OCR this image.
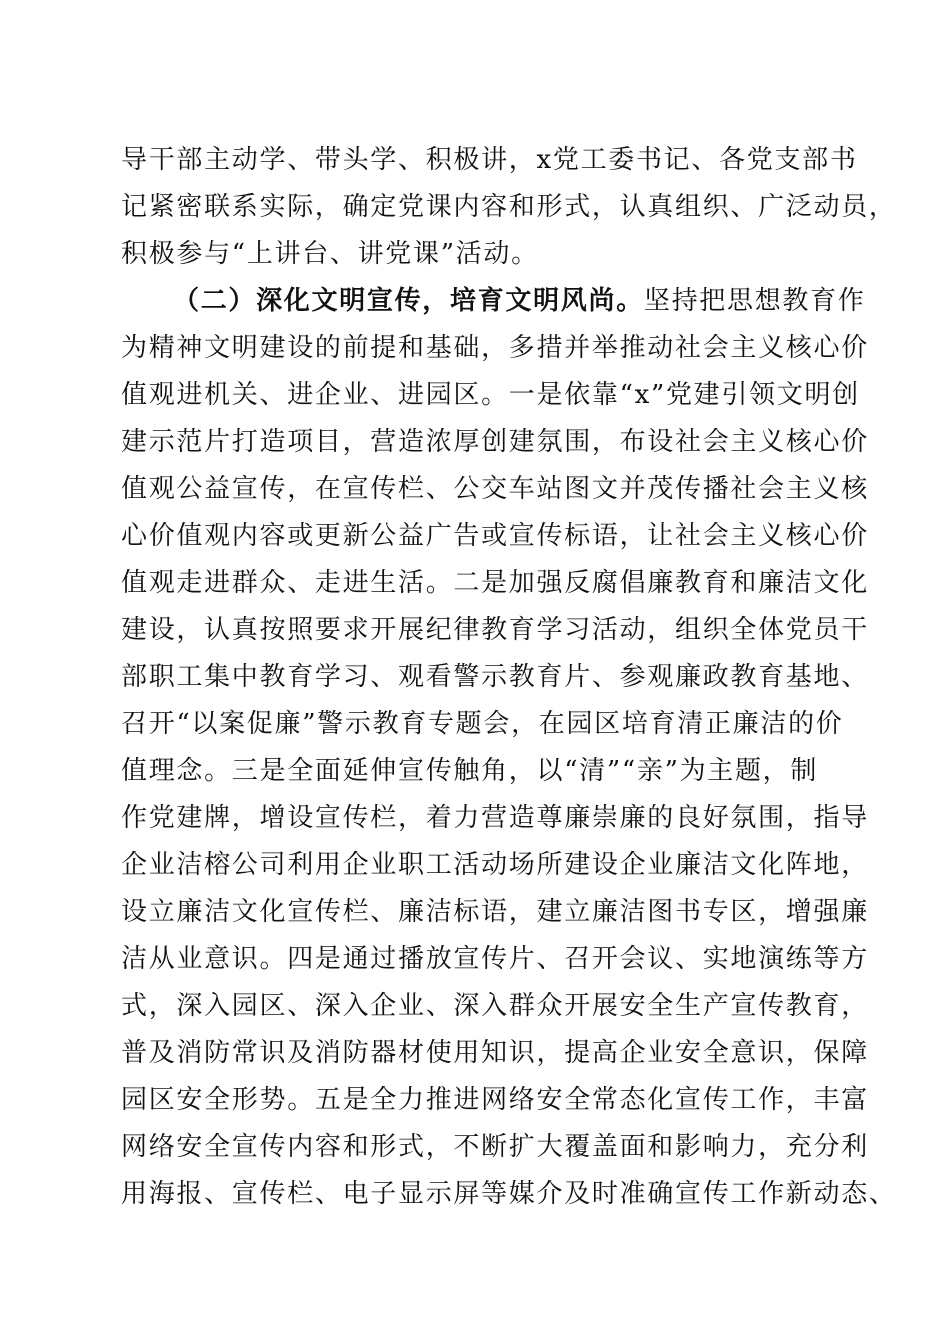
导干部主动学、带头学、积极讲，x党工委书记、各党支部书
记紧密联系实际，确定党课内容和形式，认真组织、广泛动员，
积极参与“上讲台、讲党课”活动。
（二）深化文明宣传，培育文明风尚。坚持把思想教育作
为精神文明建设的前提和基础，多措并举推动社会主义核心价
值观进机关、进企业、进园区。一是依靠“x”党建引领文明创
建示范片打造项目，营造浓厚创建氛围，布设社会主义核心价
值观公益宣传，在宣传栏、公交车站图文并茂传播社会主义核
心价值观内容或更新公益广告或宣传标语，让社会主义核心价
值观走进群众、走进生活。二是加强反腐倡廉教育和廉洁文化
建设，认真按照要求开展纪律教育学习活动，组织全体党员干
部职工集中教育学习、观看警示教育片、参观廉政教育基地、
召开“以案促廉”警示教育专题会，在园区培育清正廉洁的价
值理念。三是全面延伸宣传触角，以“清”“亲”为主题，制
作党建牌，增设宣传栏，着力营造尊廉崇廉的良好氛围，指导
企业洁榕公司利用企业职工活动场所建设企业廉洁文化阵地，
设立廉洁文化宣传栏、廉洁标语，建立廉洁图书专区，增强廉
洁从业意识。四是通过播放宣传片、召开会议、实地演练等方
式，深入园区、深入企业、深入群众开展安全生产宣传教育，
普及消防常识及消防器材使用知识，提高企业安全意识，保障
园区安全形势。五是全力推进网络安全常态化宣传工作，丰富
网络安全宣传内容和形式，不断扩大覆盖面和影响力，充分利
用海报、宣传栏、电子显示屏等媒介及时准确宣传工作新动态、
